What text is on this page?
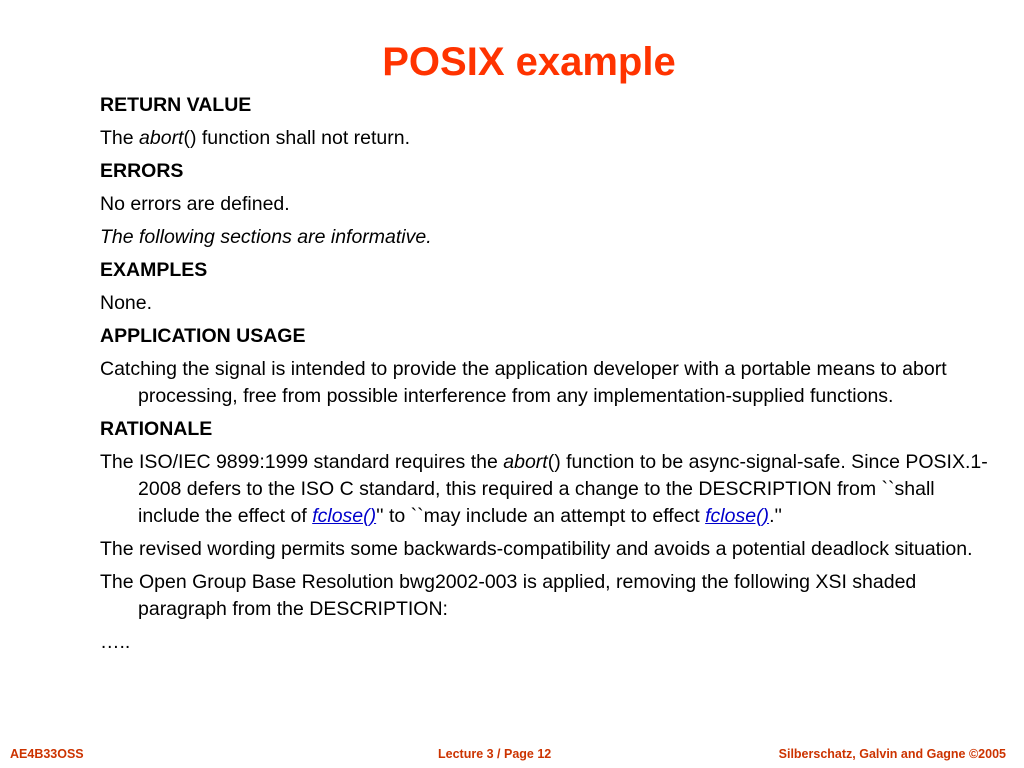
POSIX example

RETURN VALUE

The abort() function shall not return.

ERRORS

No errors are defined.

The following sections are informative.

EXAMPLES

None.

APPLICATION USAGE

Catching the signal is intended to provide the application developer with a portable means to abort processing, free from possible interference from any implementation-supplied functions.

RATIONALE

The ISO/IEC 9899:1999 standard requires the abort() function to be async-signal-safe. Since POSIX.1-2008 defers to the ISO C standard, this required a change to the DESCRIPTION from ``shall include the effect of fclose()'' to ``may include an attempt to effect fclose().''

The revised wording permits some backwards-compatibility and avoids a potential deadlock situation.

The Open Group Base Resolution bwg2002-003 is applied, removing the following XSI shaded paragraph from the DESCRIPTION:

…..

AE4B33OSS	Lecture 3 / Page 12	Silberschatz, Galvin and Gagne ©2005
